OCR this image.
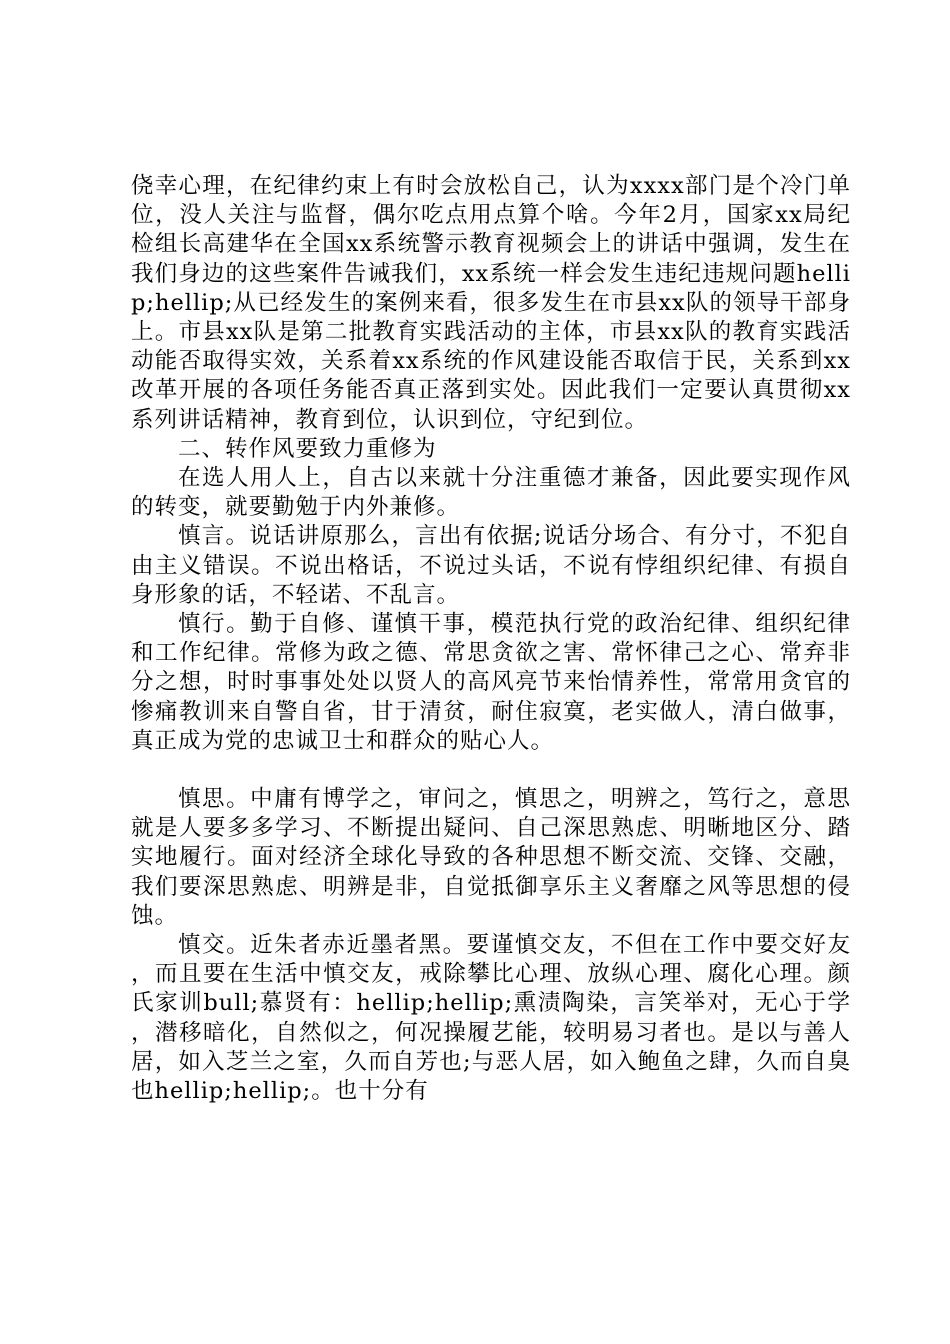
侥幸心理，在纪律约束上有时会放松自己，认为xxxx部门是个冷门单位，没人关注与监督，偶尔吃点用点算个啥。今年2月，国家xx局纪检组长高建华在全国xx系统警示教育视频会上的讲话中强调，发生在我们身边的这些案件告诫我们，xx系统一样会发生违纪违规问题hellip;hellip;从已经发生的案例来看，很多发生在市县xx队的领导干部身上。市县xx队是第二批教育实践活动的主体，市县xx队的教育实践活动能否取得实效，关系着xx系统的作风建设能否取信于民，关系到xx改革开展的各项任务能否真正落到实处。因此我们一定要认真贯彻xx系列讲话精神，教育到位，认识到位，守纪到位。

二、转作风要致力重修为

在选人用人上，自古以来就十分注重德才兼备，因此要实现作风的转变，就要勤勉于内外兼修。

慎言。说话讲原那么，言出有依据;说话分场合、有分寸，不犯自由主义错误。不说出格话，不说过头话，不说有悖组织纪律、有损自身形象的话，不轻诺、不乱言。

慎行。勤于自修、谨慎干事，模范执行党的政治纪律、组织纪律和工作纪律。常修为政之德、常思贪欲之害、常怀律己之心、常弃非分之想，时时事事处处以贤人的高风亮节来怡情养性，常常用贪官的惨痛教训来自警自省，甘于清贫，耐住寂寞，老实做人，清白做事，真正成为党的忠诚卫士和群众的贴心人。

慎思。中庸有博学之，审问之，慎思之，明辨之，笃行之，意思就是人要多多学习、不断提出疑问、自己深思熟虑、明晰地区分、踏实地履行。面对经济全球化导致的各种思想不断交流、交锋、交融，我们要深思熟虑、明辨是非，自觉抵御享乐主义奢靡之风等思想的侵蚀。

慎交。近朱者赤近墨者黑。要谨慎交友，不但在工作中要交好友，而且要在生活中慎交友，戒除攀比心理、放纵心理、腐化心理。颜氏家训bull;慕贤有：hellip;hellip;熏渍陶染，言笑举对，无心于学，潜移暗化，自然似之，何况操履艺能，较明易习者也。是以与善人居，如入芝兰之室，久而自芳也;与恶人居，如入鲍鱼之肆，久而自臭也hellip;hellip;。也十分有
